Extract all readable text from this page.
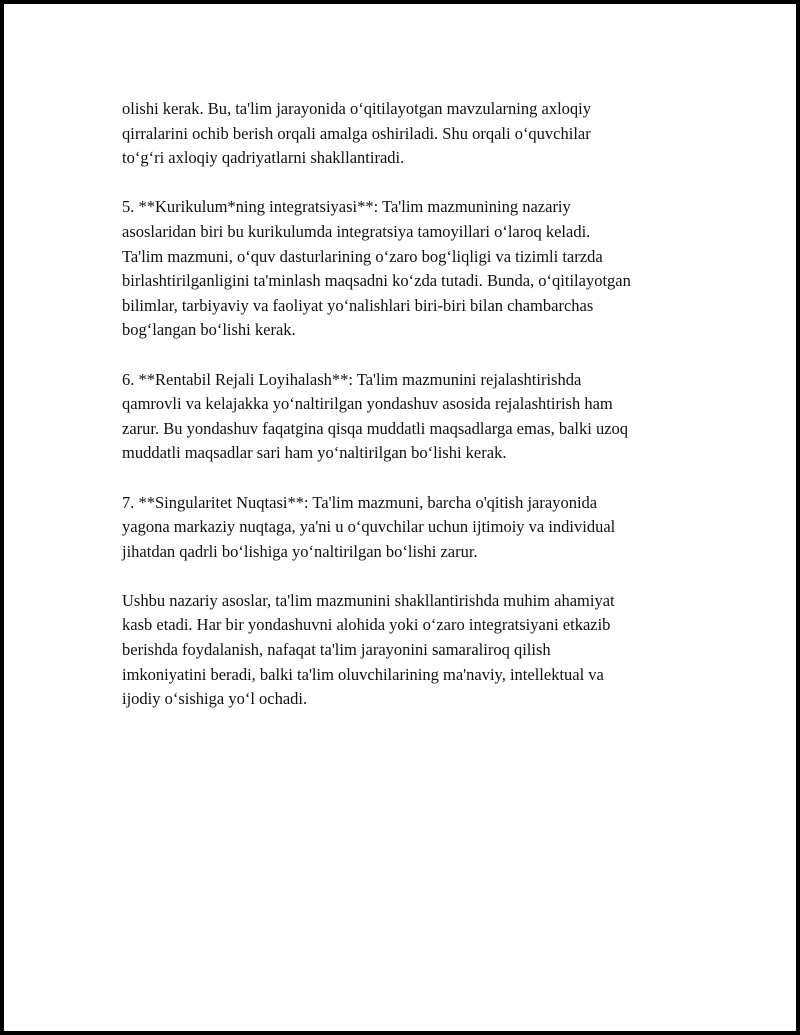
olishi kerak. Bu, ta'lim jarayonida o‘qitilayotgan mavzularning axloqiy
qirralarini ochib berish orqali amalga oshiriladi. Shu orqali o‘quvchilar
to‘g‘ri axloqiy qadriyatlarni shakllantiradi.

5. **Kurikulum*ning integratsiyasi**: Ta'lim mazmunining nazariy
asoslaridan biri bu kurikulumda integratsiya tamoyillari o‘laroq keladi.
Ta'lim mazmuni, o‘quv dasturlarining o‘zaro bog‘liqligi va tizimli tarzda
birlashtirilganligini ta'minlash maqsadni ko‘zda tutadi. Bunda, o‘qitilayotgan
bilimlar, tarbiyaviy va faoliyat yo‘nalishlari biri-biri bilan chambarchas
bog‘langan bo‘lishi kerak.

6. **Rentabil Rejali Loyihalash**: Ta'lim mazmunini rejalashtirishda
qamrovli va kelajakka yo‘naltirilgan yondashuv asosida rejalashtirish ham
zarur. Bu yondashuv faqatgina qisqa muddatli maqsadlarga emas, balki uzoq
muddatli maqsadlar sari ham yo‘naltirilgan bo‘lishi kerak.

7. **Singularitet Nuqtasi**: Ta'lim mazmuni, barcha o'qitish jarayonida
yagona markaziy nuqtaga, ya'ni u o‘quvchilar uchun ijtimoiy va individual
jihatdan qadrli bo‘lishiga yo‘naltirilgan bo‘lishi zarur.

Ushbu nazariy asoslar, ta'lim mazmunini shakllantirishda muhim ahamiyat
kasb etadi. Har bir yondashuvni alohida yoki o‘zaro integratsiyani etkazib
berishda foydalanish, nafaqat ta'lim jarayonini samaraliroq qilish
imkoniyatini beradi, balki ta'lim oluvchilarining ma'naviy, intellektual va
ijodiy o‘sishiga yo‘l ochadi.
